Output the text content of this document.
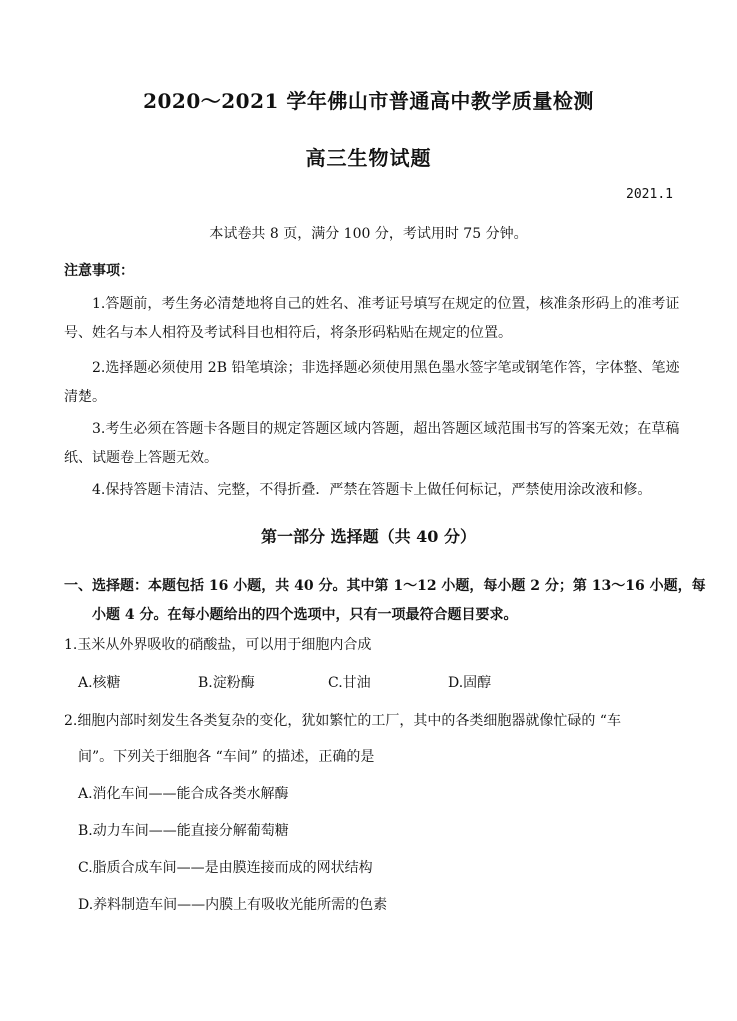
2020～2021 学年佛山市普通高中教学质量检测
高三生物试题
2021.1
本试卷共 8 页，满分 100 分，考试用时 75 分钟。
注意事项：
1.答题前，考生务必清楚地将自己的姓名、准考证号填写在规定的位置，核准条形码上的准考证号、姓名与本人相符及考试科目也相符后，将条形码粘贴在规定的位置。
2.选择题必须使用 2B 铅笔填涂；非选择题必须使用黑色墨水签字笔或钢笔作答，字体整、笔迹清楚。
3.考生必须在答题卡各题目的规定答题区域内答题，超出答题区域范围书写的答案无效；在草稿纸、试题卷上答题无效。
4.保持答题卡清洁、完整，不得折叠．严禁在答题卡上做任何标记，严禁使用涂改液和修。
第一部分 选择题（共 40 分）
一、选择题：本题包括 16 小题，共 40 分。其中第 1～12 小题，每小题 2 分；第 13～16 小题，每小题 4 分。在每小题给出的四个选项中，只有一项最符合题目要求。
1.玉米从外界吸收的硝酸盐，可以用于细胞内合成
A.核糖	B.淀粉酶	C.甘油	D.固醇
2.细胞内部时刻发生各类复杂的变化，犹如繁忙的工厂，其中的各类细胞器就像忙碌的 “车
间”。下列关于细胞各 “车间” 的描述，正确的是
A.消化车间——能合成各类水解酶
B.动力车间——能直接分解葡萄糖
C.脂质合成车间——是由膜连接而成的网状结构
D.养料制造车间——内膜上有吸收光能所需的色素
